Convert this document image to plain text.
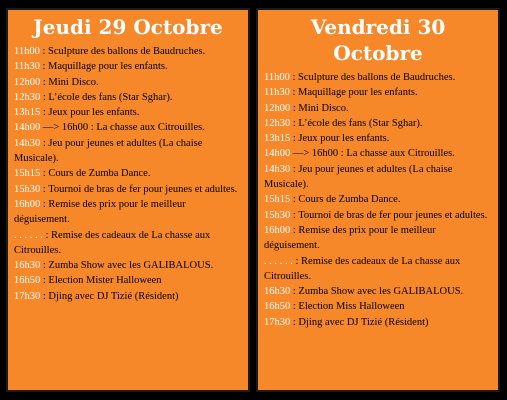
Jeudi 29 Octobre
11h00 : Sculpture des ballons de Baudruches.
11h30 : Maquillage pour les enfants.
12h00 : Mini Disco.
12h30 : L’école des fans (Star Sghar).
13h15 : Jeux pour les enfants.
14h00 —> 16h00 : La chasse aux Citrouilles.
14h30 : Jeu pour jeunes et adultes (La chaise Musicale).
15h15 : Cours de Zumba Dance.
15h30 : Tournoi de bras de fer pour jeunes et adultes.
16h00 : Remise des prix pour le meilleur déguisement.
. . . . . . : Remise des cadeaux de La chasse aux Citrouilles.
16h30 : Zumba Show avec les GALIBALOUS.
16h50 : Election Mister Halloween
17h30 : Djing avec DJ Tizié (Résident)
Vendredi 30 Octobre
11h00 : Sculpture des ballons de Baudruches.
11h30 : Maquillage pour les enfants.
12h00 : Mini Disco.
12h30 : L’école des fans (Star Sghar).
13h15 : Jeux pour les enfants.
14h00 —> 16h00 : La chasse aux Citrouilles.
14h30 : Jeu pour jeunes et adultes (La chaise Musicale).
15h15 : Cours de Zumba Dance.
15h30 : Tournoi de bras de fer pour jeunes et adultes.
16h00 : Remise des prix pour le meilleur déguisement.
. . . . . . : Remise des cadeaux de La chasse aux Citrouilles.
16h30 : Zumba Show avec les GALIBALOUS.
16h50 : Election Miss Halloween
17h30 : Djing avec DJ Tizié (Résident)
